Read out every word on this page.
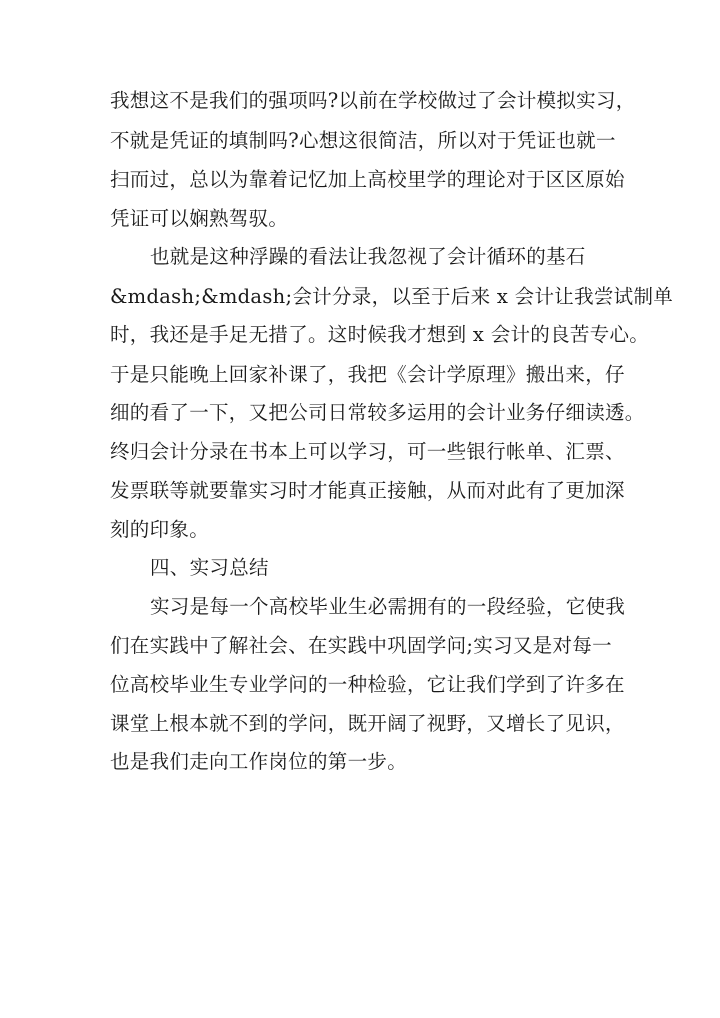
我想这不是我们的强项吗?以前在学校做过了会计模拟实习，
不就是凭证的填制吗?心想这很简洁，所以对于凭证也就一
扫而过，总以为靠着记忆加上高校里学的理论对于区区原始
凭证可以娴熟驾驭。
也就是这种浮躁的看法让我忽视了会计循环的基石
&mdash;&mdash;会计分录，以至于后来 x 会计让我尝试制单
时，我还是手足无措了。这时候我才想到 x 会计的良苦专心。
于是只能晚上回家补课了，我把《会计学原理》搬出来，仔
细的看了一下，又把公司日常较多运用的会计业务仔细读透。
终归会计分录在书本上可以学习，可一些银行帐单、汇票、
发票联等就要靠实习时才能真正接触，从而对此有了更加深
刻的印象。
四、实习总结
实习是每一个高校毕业生必需拥有的一段经验，它使我
们在实践中了解社会、在实践中巩固学问;实习又是对每一
位高校毕业生专业学问的一种检验，它让我们学到了许多在
课堂上根本就不到的学问，既开阔了视野，又增长了见识，
也是我们走向工作岗位的第一步。
